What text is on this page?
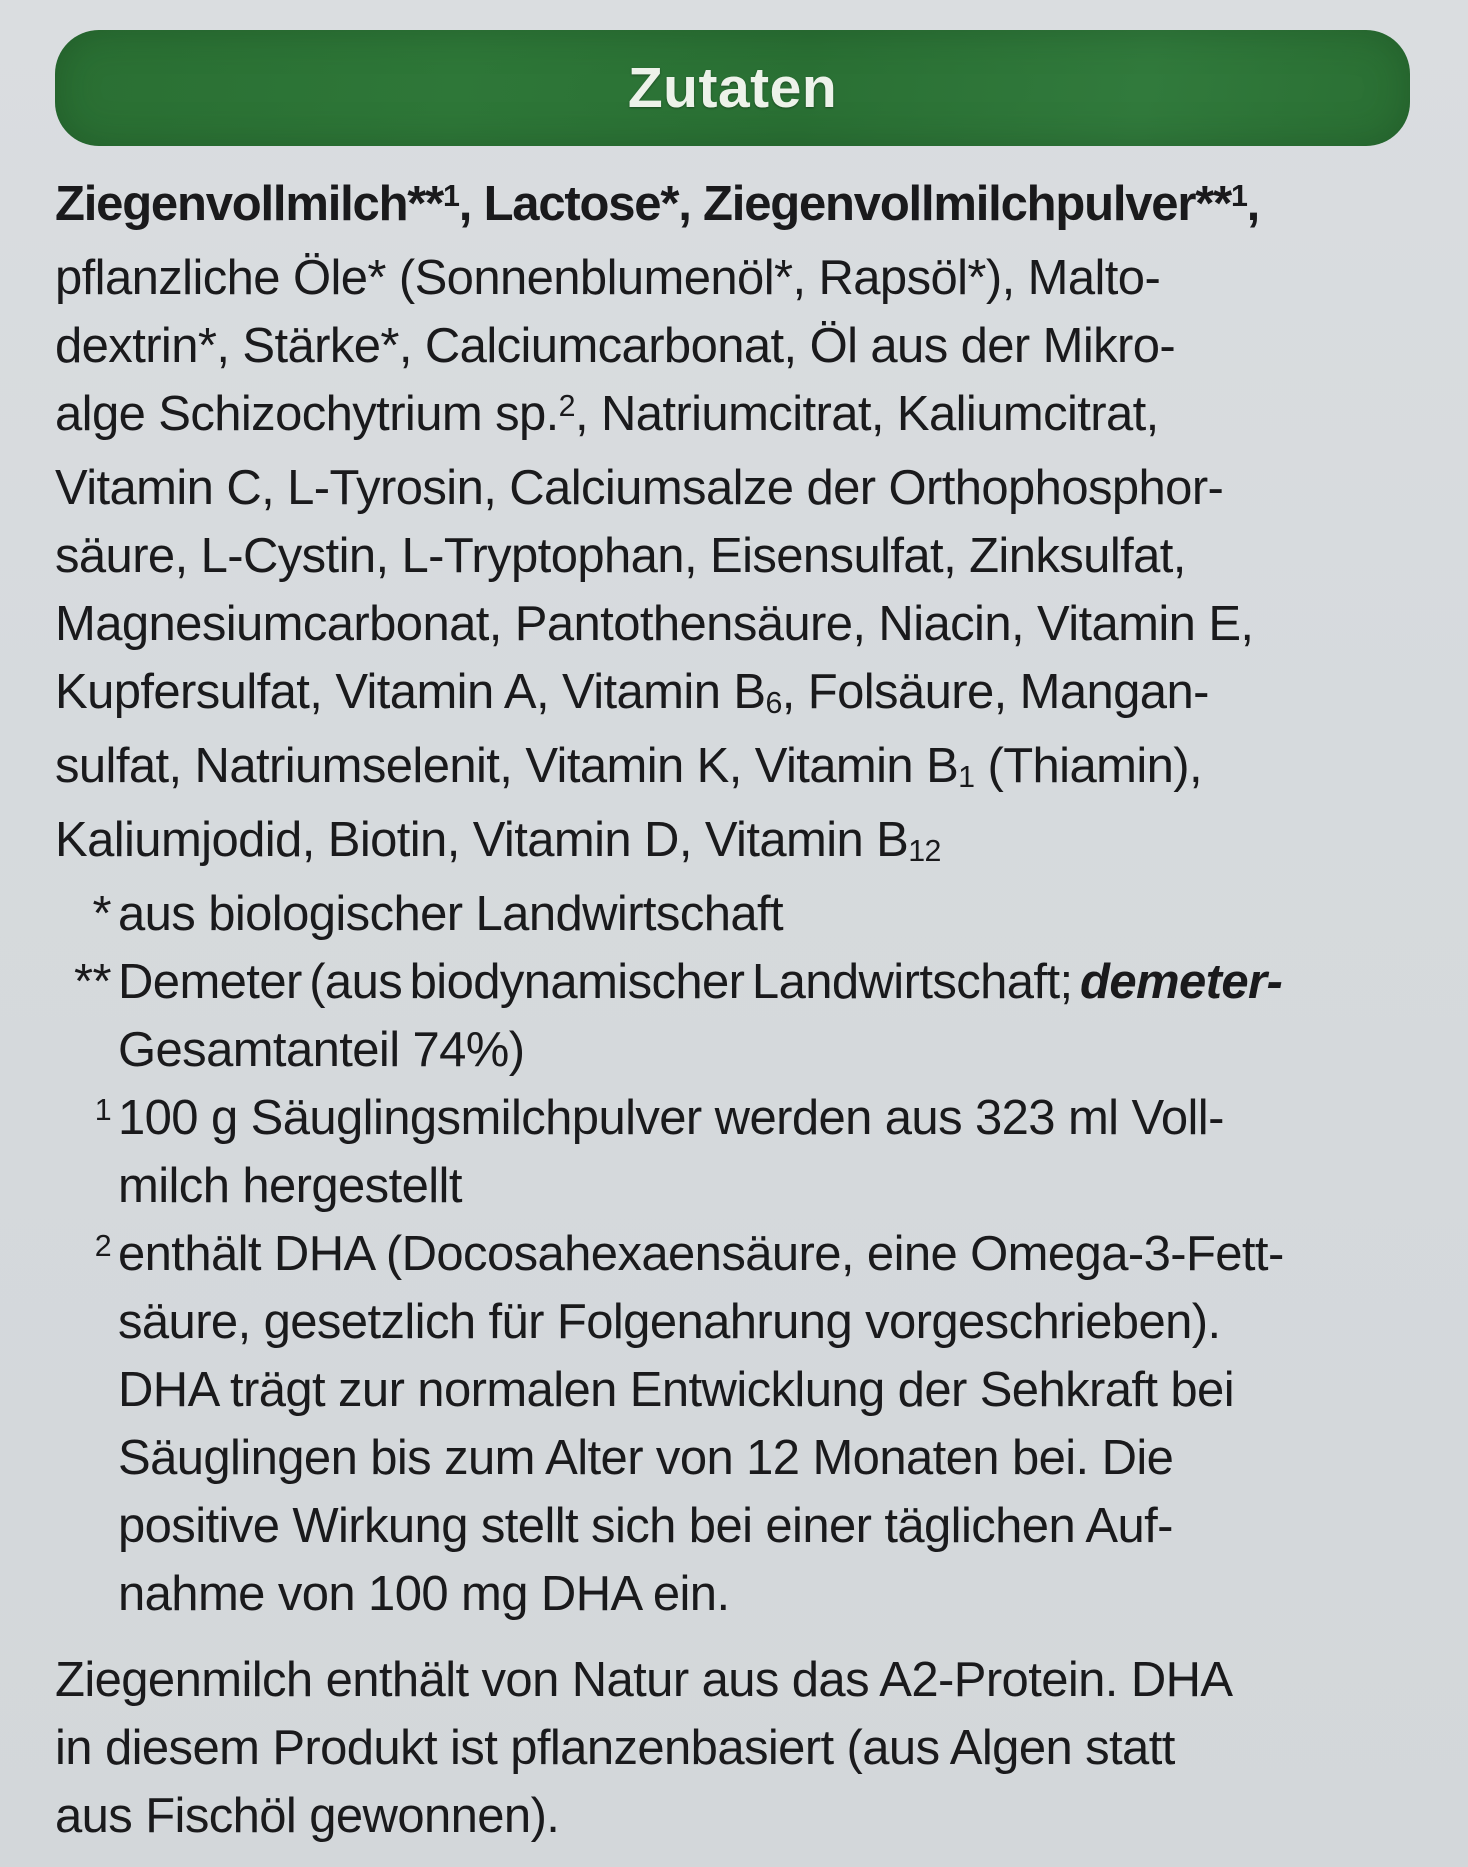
Zutaten
Ziegenvollmilch**$^1$, Lactose*, Ziegenvollmilchpulver**$^1$,
pflanzliche Öle* (Sonnenblumenöl*, Rapsöl*), Malto-
dextrin*, Stärke*, Calciumcarbonat, Öl aus der Mikro-
alge Schizochytrium sp.$^2$, Natriumcitrat, Kaliumcitrat,
Vitamin C, L-Tyrosin, Calciumsalze der Orthophosphor-
säure, L-Cystin, L-Tryptophan, Eisensulfat, Zinksulfat,
Magnesiumcarbonat, Pantothensäure, Niacin, Vitamin E,
Kupfersulfat, Vitamin A, Vitamin B6, Folsäure, Mangan-
sulfat, Natriumselenit, Vitamin K, Vitamin B1 (Thiamin),
Kaliumjodid, Biotin, Vitamin D, Vitamin B12
* aus biologischer Landwirtschaft
** Demeter (aus biodynamischer Landwirtschaft; demeter-
Gesamtanteil 74%)
$^1$ 100 g Säuglingsmilchpulver werden aus 323 ml Voll-
milch hergestellt
$^2$ enthält DHA (Docosahexaensäure, eine Omega-3-Fett-
säure, gesetzlich für Folgenahrung vorgeschrieben).
DHA trägt zur normalen Entwicklung der Sehkraft bei
Säuglingen bis zum Alter von 12 Monaten bei. Die
positive Wirkung stellt sich bei einer täglichen Auf-
nahme von 100 mg DHA ein.
Ziegenmilch enthält von Natur aus das A2-Protein. DHA
in diesem Produkt ist pflanzenbasiert (aus Algen statt
aus Fischöl gewonnen).
